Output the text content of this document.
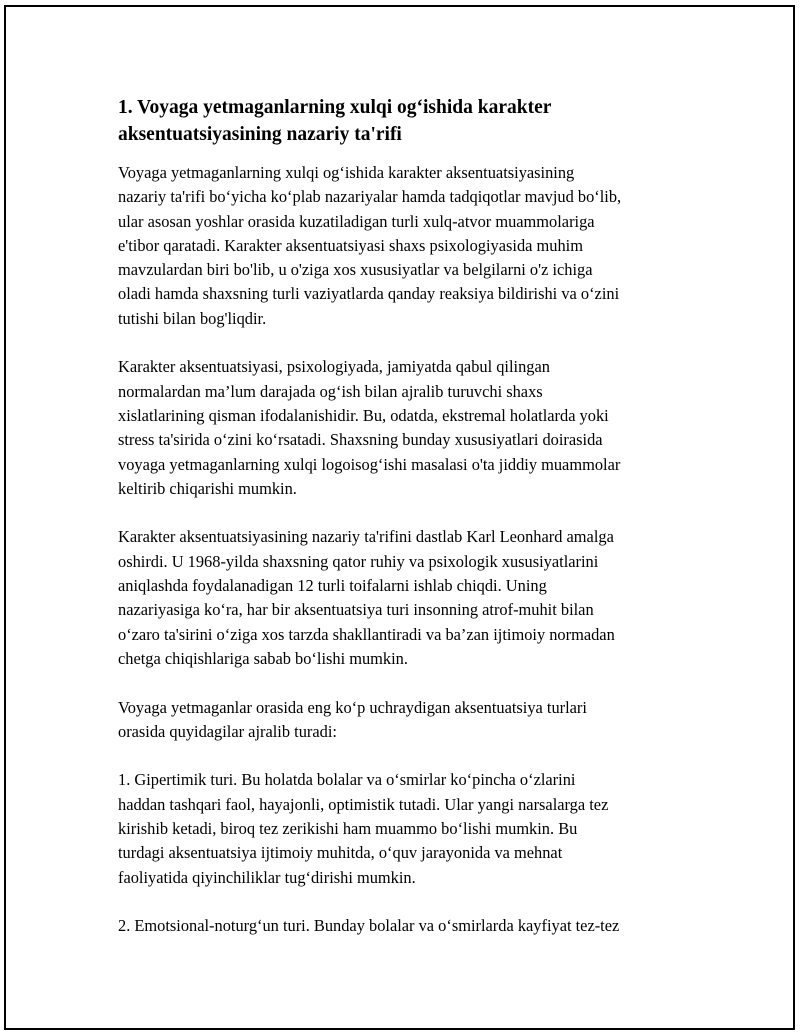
1. Voyaga yetmaganlarning xulqi og‘ishida karakter
aksentuatsiyasining nazariy ta'rifi

Voyaga yetmaganlarning xulqi og‘ishida karakter aksentuatsiyasining
nazariy ta'rifi bo‘yicha ko‘plab nazariyalar hamda tadqiqotlar mavjud bo‘lib,
ular asosan yoshlar orasida kuzatiladigan turli xulq-atvor muammolariga
e'tibor qaratadi. Karakter aksentuatsiyasi shaxs psixologiyasida muhim
mavzulardan biri bo'lib, u o'ziga xos xususiyatlar va belgilarni o'z ichiga
oladi hamda shaxsning turli vaziyatlarda qanday reaksiya bildirishi va o‘zini
tutishi bilan bog'liqdir.

Karakter aksentuatsiyasi, psixologiyada, jamiyatda qabul qilingan
normalardan ma’lum darajada og‘ish bilan ajralib turuvchi shaxs
xislatlarining qisman ifodalanishidir. Bu, odatda, ekstremal holatlarda yoki
stress ta'sirida o‘zini ko‘rsatadi. Shaxsning bunday xususiyatlari doirasida
voyaga yetmaganlarning xulqi logoisog‘ishi masalasi o'ta jiddiy muammolar
keltirib chiqarishi mumkin.

Karakter aksentuatsiyasining nazariy ta'rifini dastlab Karl Leonhard amalga
oshirdi. U 1968-yilda shaxsning qator ruhiy va psixologik xususiyatlarini
aniqlashda foydalanadigan 12 turli toifalarni ishlab chiqdi. Uning
nazariyasiga ko‘ra, har bir aksentuatsiya turi insonning atrof-muhit bilan
o‘zaro ta'sirini o‘ziga xos tarzda shakllantiradi va ba’zan ijtimoiy normadan
chetga chiqishlariga sabab bo‘lishi mumkin.

Voyaga yetmaganlar orasida eng ko‘p uchraydigan aksentuatsiya turlari
orasida quyidagilar ajralib turadi:

1. Gipertimik turi. Bu holatda bolalar va o‘smirlar ko‘pincha o‘zlarini
haddan tashqari faol, hayajonli, optimistik tutadi. Ular yangi narsalarga tez
kirishib ketadi, biroq tez zerikishi ham muammo bo‘lishi mumkin. Bu
turdagi aksentuatsiya ijtimoiy muhitda, o‘quv jarayonida va mehnat
faoliyatida qiyinchiliklar tug‘dirishi mumkin.

2. Emotsional-noturg‘un turi. Bunday bolalar va o‘smirlarda kayfiyat tez-tez
